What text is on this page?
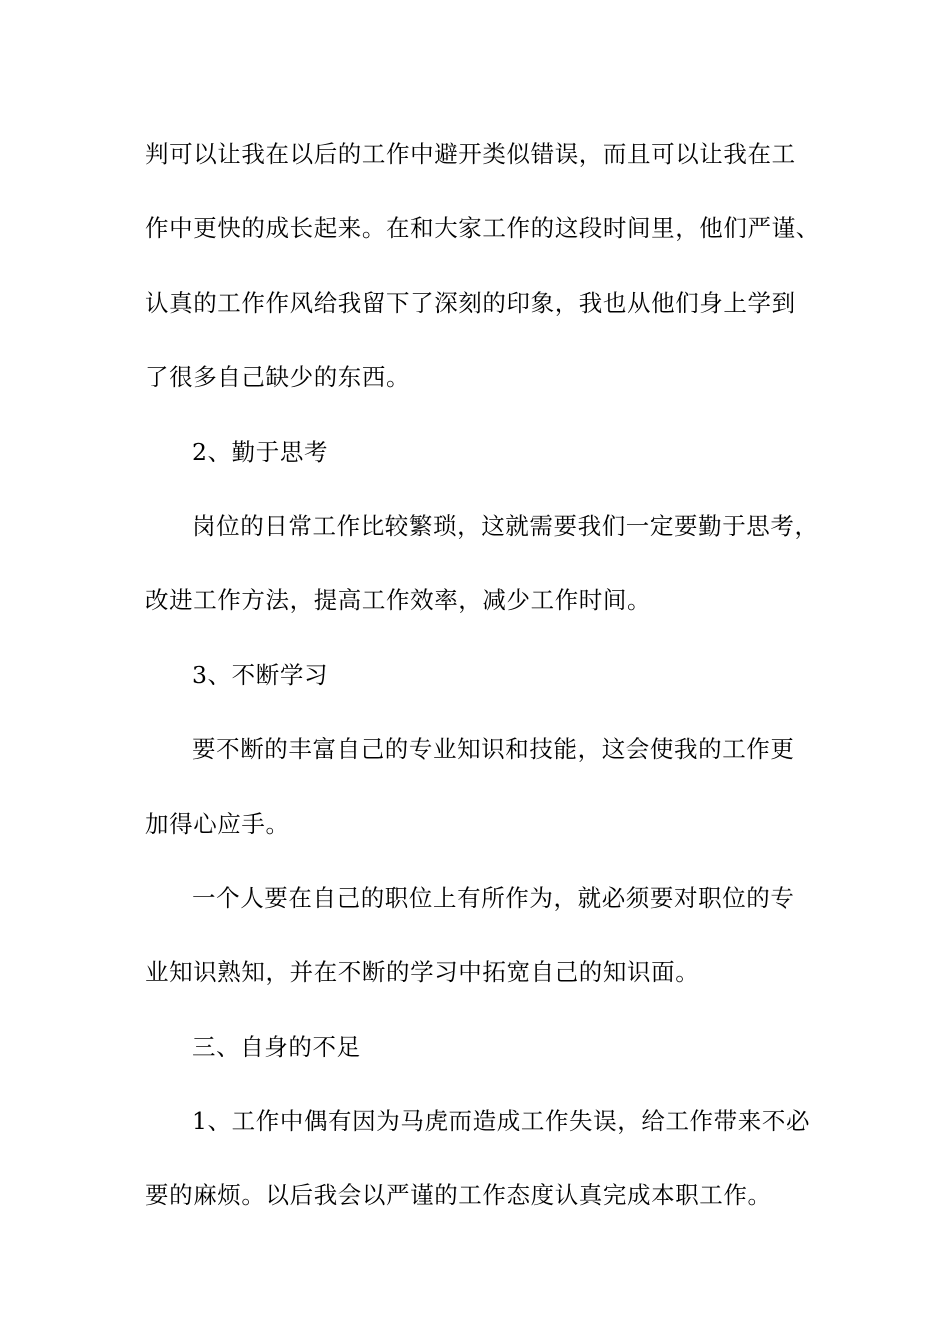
判可以让我在以后的工作中避开类似错误，而且可以让我在工
作中更快的成长起来。在和大家工作的这段时间里，他们严谨、
认真的工作作风给我留下了深刻的印象，我也从他们身上学到
了很多自己缺少的东西。
2、勤于思考
岗位的日常工作比较繁琐，这就需要我们一定要勤于思考，
改进工作方法，提高工作效率，减少工作时间。
3、不断学习
要不断的丰富自己的专业知识和技能，这会使我的工作更
加得心应手。
一个人要在自己的职位上有所作为，就必须要对职位的专
业知识熟知，并在不断的学习中拓宽自己的知识面。
三、自身的不足
1、工作中偶有因为马虎而造成工作失误，给工作带来不必
要的麻烦。以后我会以严谨的工作态度认真完成本职工作。
